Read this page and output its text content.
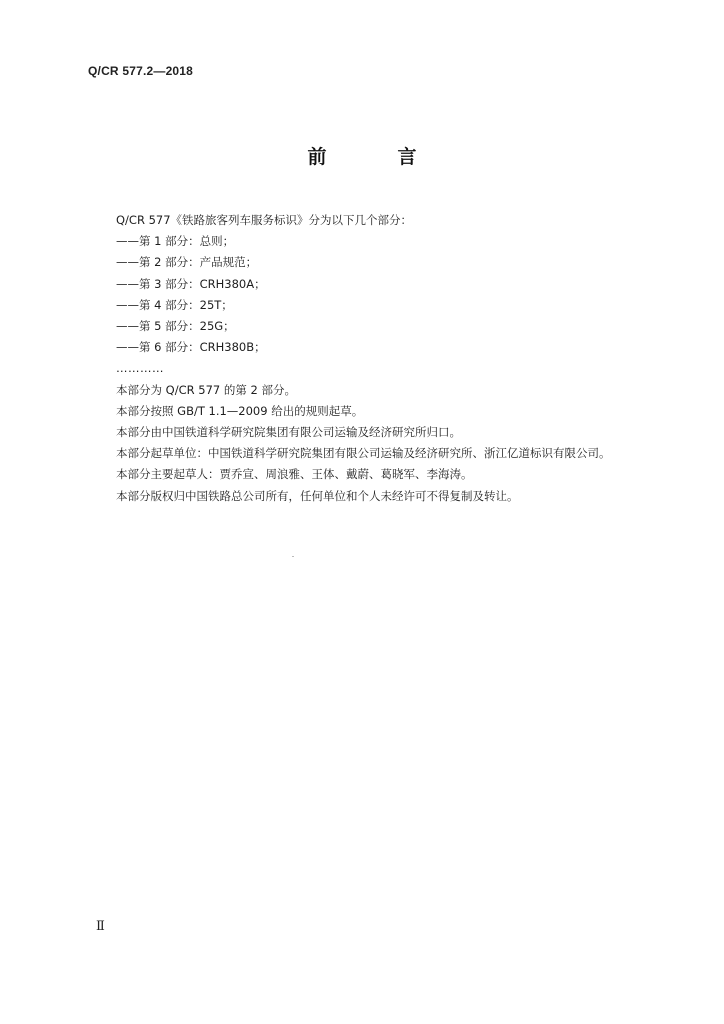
Q/CR 577.2—2018
前　言
Q/CR 577《铁路旅客列车服务标识》分为以下几个部分：
——第 1 部分：总则；
——第 2 部分：产品规范；
——第 3 部分：CRH380A；
——第 4 部分：25T；
——第 5 部分：25G；
——第 6 部分：CRH380B；
…………
本部分为 Q/CR 577 的第 2 部分。
本部分按照 GB/T 1.1—2009 给出的规则起草。
本部分由中国铁道科学研究院集团有限公司运输及经济研究所归口。
本部分起草单位：中国铁道科学研究院集团有限公司运输及经济研究所、浙江亿道标识有限公司。
本部分主要起草人：贾乔宣、周浪雅、王体、戴蔚、葛晓军、李海涛。
本部分版权归中国铁路总公司所有，任何单位和个人未经许可不得复制及转让。
Ⅱ
